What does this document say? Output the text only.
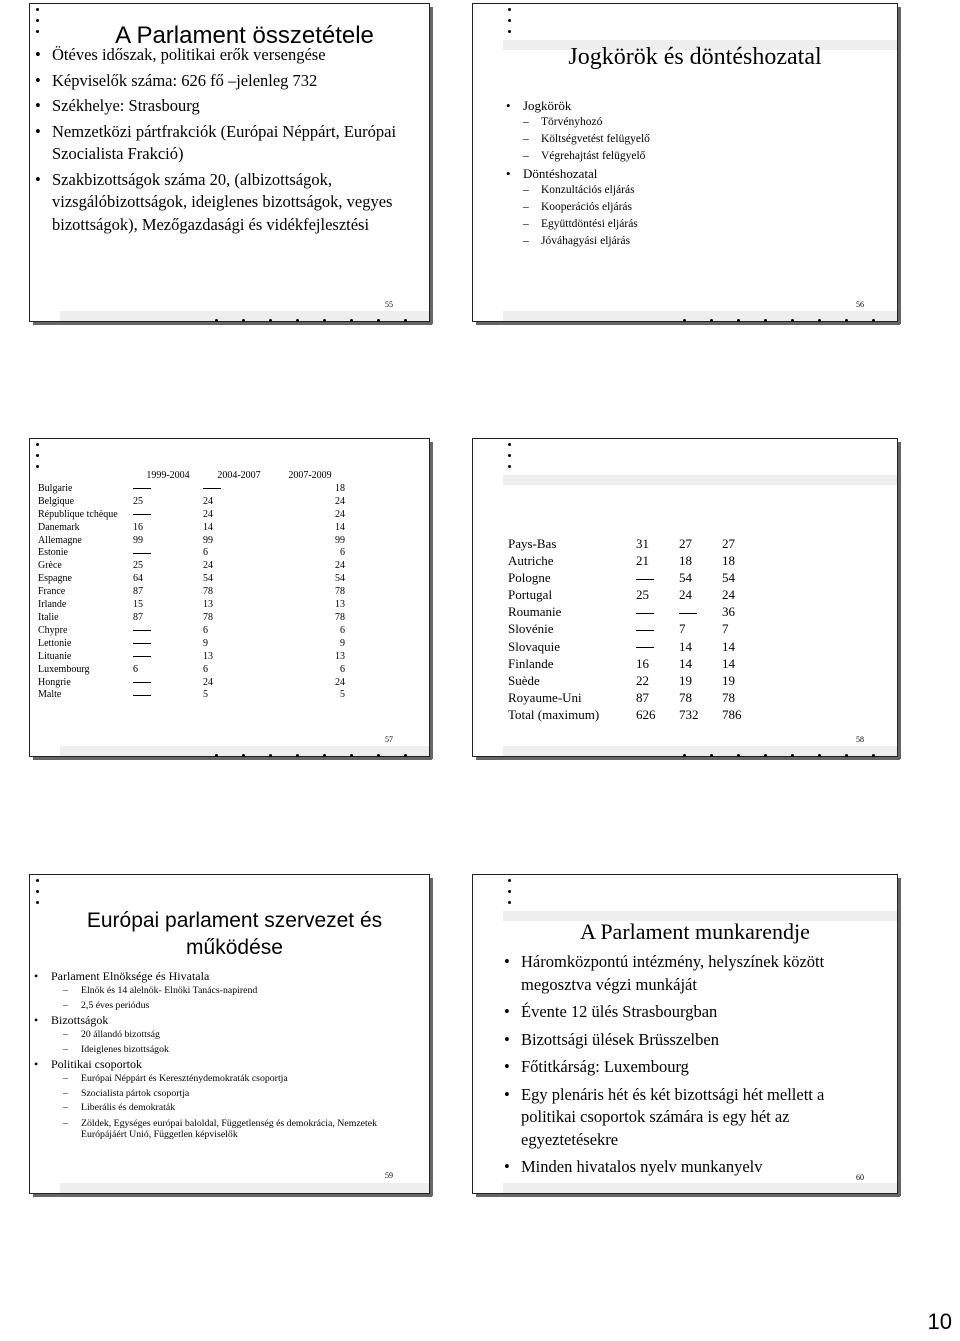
A Parlament összetétele
• Ötéves időszak, politikai erők versengése
• Képviselők száma: 626 fő –jelenleg 732
• Székhelye: Strasbourg
• Nemzetközi pártfrakciók (Európai Néppárt, Európai Szocialista Frakció)
• Szakbizottságok száma 20, (albizottságok, vizsgálóbizottságok, ideiglenes bizottságok, vegyes bizottságok), Mezőgazdasági és vidékfejlesztési
55
Jogkörök és döntéshozatal
• Jogkörök
– Törvényhozó
– Költségvetést felügyelő
– Végrehajtást felügyelő
• Döntéshozatal
– Konzultációs eljárás
– Kooperációs eljárás
– Együttdöntési eljárás
– Jóváhagyási eljárás
56
	1999-2004	2004-2007	2007-2009
Bulgarie			18
Belgique	25	24	24
République tchèque		24	24
Danemark	16	14	14
Allemagne	99	99	99
Estonie		6	6
Grèce	25	24	24
Espagne	64	54	54
France	87	78	78
Irlande	15	13	13
Italie	87	78	78
Chypre		6	6
Lettonie		9	9
Lituanie		13	13
Luxembourg	6	6	6
Hongrie		24	24
Malte		5	5
57
Pays-Bas	31	27	27
Autriche	21	18	18
Pologne		54	54
Portugal	25	24	24
Roumanie			36
Slovénie		7	7
Slovaquie		14	14
Finlande	16	14	14
Suède	22	19	19
Royaume-Uni	87	78	78
Total (maximum)	626	732	786
58
Európai parlament szervezet és
működése
• Parlament Elnöksége és Hivatala
– Elnök és 14 alelnök- Elnöki Tanács-napirend
– 2,5 éves periódus
• Bizottságok
– 20 állandó bizottság
– Ideiglenes bizottságok
• Politikai csoportok
– Európai Néppárt és Kereszténydemokraták csoportja
– Szocialista pártok csoportja
– Liberális és demokraták
– Zöldek, Egységes európai baloldal, Függetlenség és demokrácia, Nemzetek Európájáért Unió, Független képviselők
59
A Parlament munkarendje
• Háromközpontú intézmény, helyszínek között megosztva végzi munkáját
• Évente 12 ülés Strasbourgban
• Bizottsági ülések Brüsszelben
• Főtitkárság: Luxembourg
• Egy plenáris hét és két bizottsági hét mellett a politikai csoportok számára is egy hét az egyeztetésekre
• Minden hivatalos nyelv munkanyelv
60
10
